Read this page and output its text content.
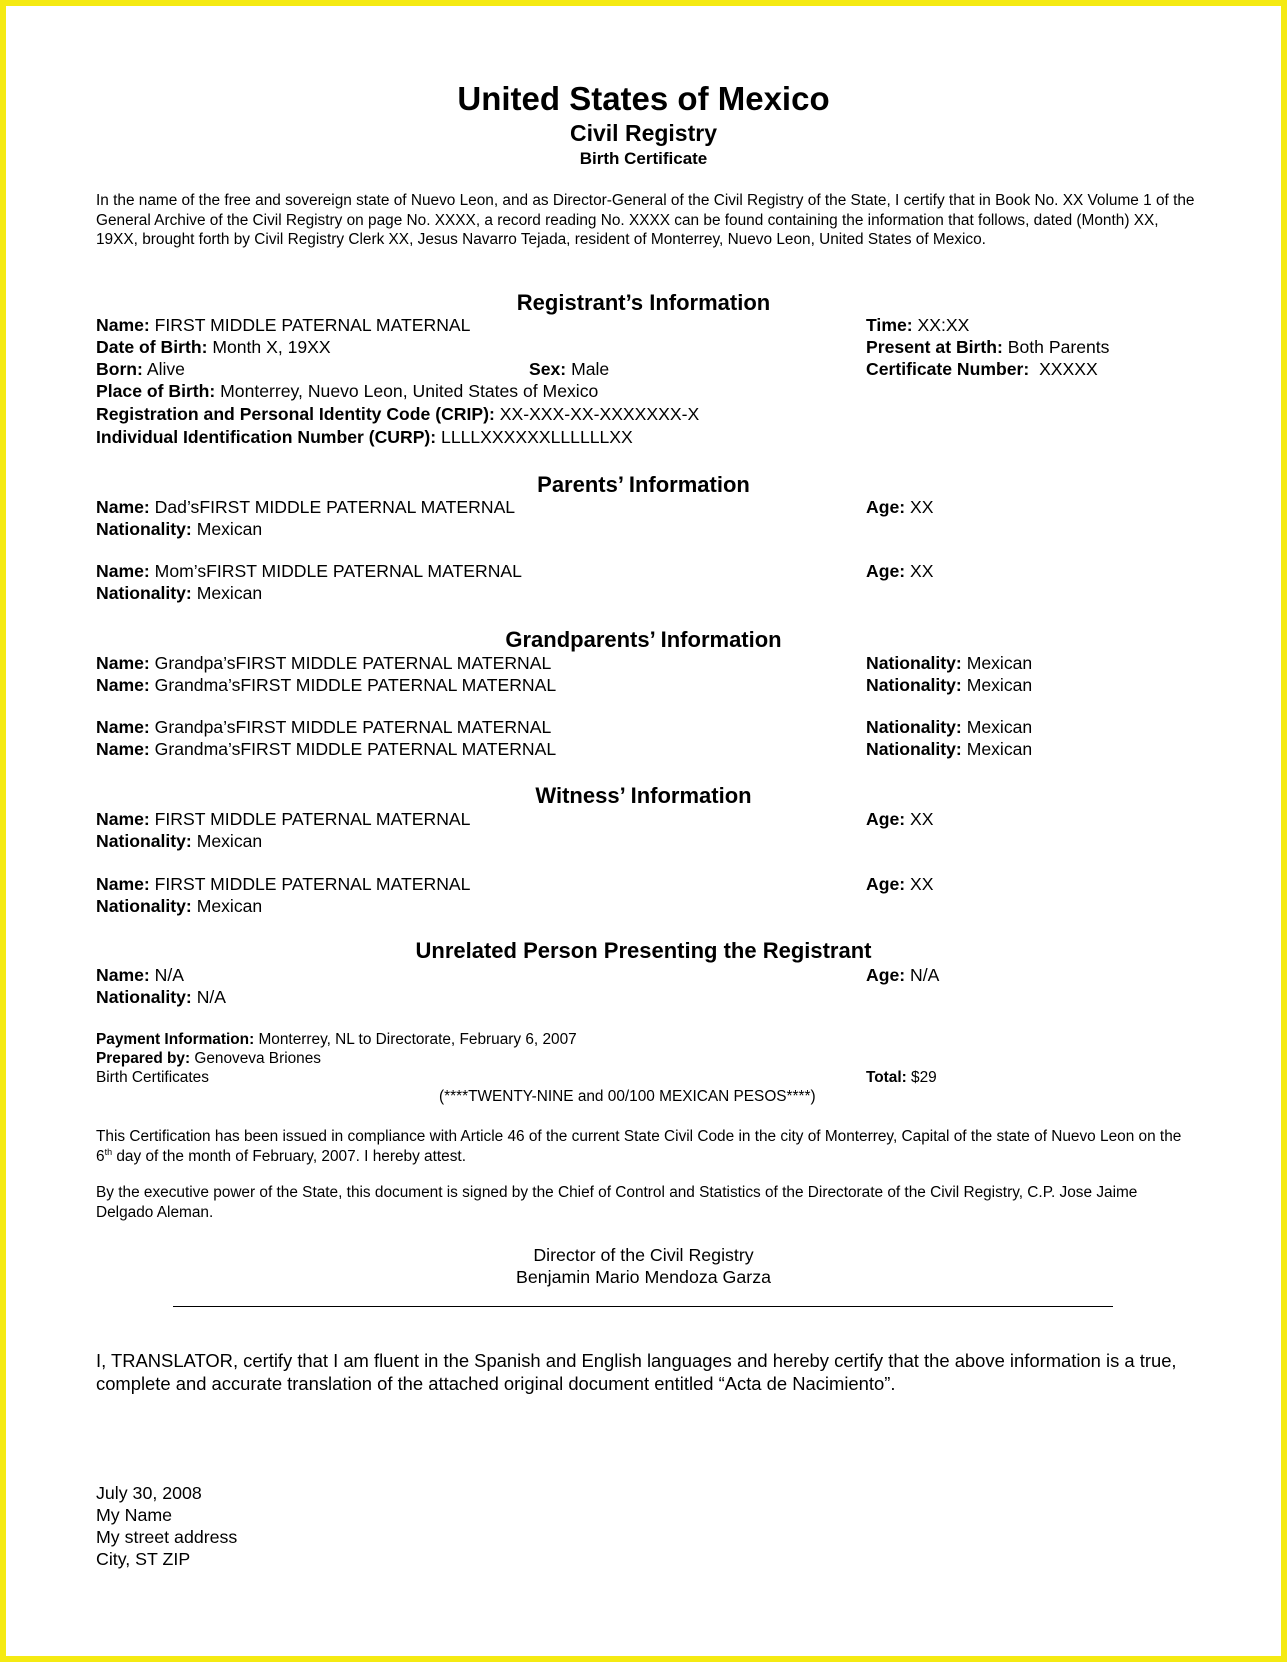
United States of Mexico
Civil Registry
Birth Certificate
In the name of the free and sovereign state of Nuevo Leon, and as Director-General of the Civil Registry of the State, I certify that in Book No. XX Volume 1 of the General Archive of the Civil Registry on page No. XXXX, a record reading No. XXXX can be found containing the information that follows, dated (Month) XX, 19XX, brought forth by Civil Registry Clerk XX, Jesus Navarro Tejada, resident of Monterrey, Nuevo Leon, United States of Mexico.
Registrant’s Information
Name: FIRST MIDDLE PATERNAL MATERNAL	Time: XX:XX
Date of Birth: Month X, 19XX	Present at Birth: Both Parents
Born: Alive	Sex: Male	Certificate Number: XXXXX
Place of Birth: Monterrey, Nuevo Leon, United States of Mexico
Registration and Personal Identity Code (CRIP): XX-XXX-XX-XXXXXXX-X
Individual Identification Number (CURP): LLLLXXXXXXLLLLLLXX
Parents’ Information
Name: Dad’sFIRST MIDDLE PATERNAL MATERNAL	Age: XX
Nationality: Mexican
Name: Mom’sFIRST MIDDLE PATERNAL MATERNAL	Age: XX
Nationality: Mexican
Grandparents’ Information
Name: Grandpa’sFIRST MIDDLE PATERNAL MATERNAL	Nationality: Mexican
Name: Grandma’sFIRST MIDDLE PATERNAL MATERNAL	Nationality: Mexican
Name: Grandpa’sFIRST MIDDLE PATERNAL MATERNAL	Nationality: Mexican
Name: Grandma’sFIRST MIDDLE PATERNAL MATERNAL	Nationality: Mexican
Witness’ Information
Name: FIRST MIDDLE PATERNAL MATERNAL	Age: XX
Nationality: Mexican
Name: FIRST MIDDLE PATERNAL MATERNAL	Age: XX
Nationality: Mexican
Unrelated Person Presenting the Registrant
Name: N/A	Age: N/A
Nationality: N/A
Payment Information: Monterrey, NL to Directorate, February 6, 2007
Prepared by: Genoveva Briones
Birth Certificates	Total: $29
(****TWENTY-NINE and 00/100 MEXICAN PESOS****)
This Certification has been issued in compliance with Article 46 of the current State Civil Code in the city of Monterrey, Capital of the state of Nuevo Leon on the 6th day of the month of February, 2007. I hereby attest.
By the executive power of the State, this document is signed by the Chief of Control and Statistics of the Directorate of the Civil Registry, C.P. Jose Jaime Delgado Aleman.
Director of the Civil Registry
Benjamin Mario Mendoza Garza
I, TRANSLATOR, certify that I am fluent in the Spanish and English languages and hereby certify that the above information is a true, complete and accurate translation of the attached original document entitled “Acta de Nacimiento”.
July 30, 2008
My Name
My street address
City, ST ZIP
